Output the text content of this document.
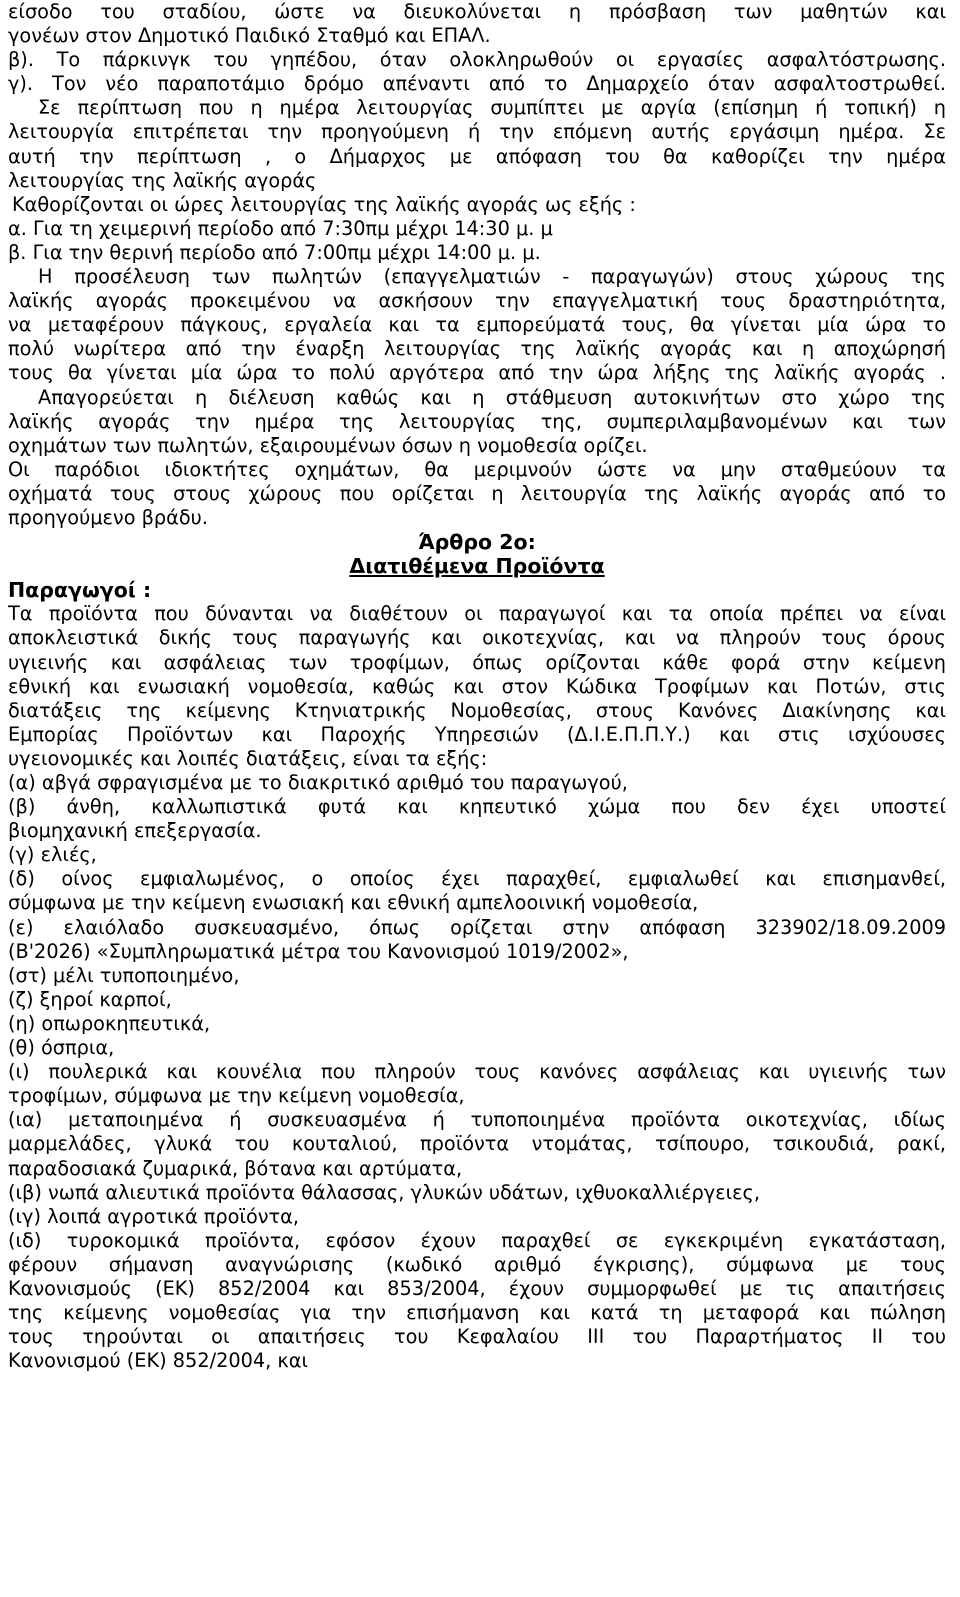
είσοδο του σταδίου, ώστε να διευκολύνεται η πρόσβαση των μαθητών και
γονέων στον Δημοτικό Παιδικό Σταθμό και ΕΠΑΛ.
β). Το πάρκινγκ του γηπέδου, όταν ολοκληρωθούν οι εργασίες ασφαλτόστρωσης.
γ). Τον νέο παραποτάμιο δρόμο απέναντι από το Δημαρχείο όταν ασφαλτοστρωθεί.
Σε περίπτωση που η ημέρα λειτουργίας συμπίπτει με αργία (επίσημη ή τοπική) η
λειτουργία επιτρέπεται την προηγούμενη ή την επόμενη αυτής εργάσιμη ημέρα. Σε
αυτή την περίπτωση , ο Δήμαρχος με απόφαση του θα καθορίζει την ημέρα
λειτουργίας της λαϊκής αγοράς
Καθορίζονται οι ώρες λειτουργίας της λαϊκής αγοράς ως εξής :
α. Για τη χειμερινή περίοδο από 7:30πμ μέχρι 14:30 μ. μ
β. Για την θερινή περίοδο από 7:00πμ μέχρι 14:00 μ. μ.
Η προσέλευση των πωλητών (επαγγελματιών - παραγωγών) στους χώρους της
λαϊκής αγοράς προκειμένου να ασκήσουν την επαγγελματική τους δραστηριότητα,
να μεταφέρουν πάγκους, εργαλεία και τα εμπορεύματά τους, θα γίνεται μία ώρα το
πολύ νωρίτερα από την έναρξη λειτουργίας της λαϊκής αγοράς και η αποχώρησή
τους θα γίνεται μία ώρα το πολύ αργότερα από την ώρα λήξης της λαϊκής αγοράς .
Απαγορεύεται η διέλευση καθώς και η στάθμευση αυτοκινήτων στο χώρο της
λαϊκής αγοράς την ημέρα της λειτουργίας της, συμπεριλαμβανομένων και των
οχημάτων των πωλητών, εξαιρουμένων όσων η νομοθεσία ορίζει.
Οι παρόδιοι ιδιοκτήτες οχημάτων, θα μεριμνούν ώστε να μην σταθμεύουν τα
οχήματά τους στους χώρους που ορίζεται η λειτουργία της λαϊκής αγοράς από το
προηγούμενο βράδυ.
Άρθρο 2ο:
Διατιθέμενα Προϊόντα
Παραγωγοί :
Τα προϊόντα που δύνανται να διαθέτουν οι παραγωγοί και τα οποία πρέπει να είναι
αποκλειστικά δικής τους παραγωγής και οικοτεχνίας, και να πληρούν τους όρους
υγιεινής και ασφάλειας των τροφίμων, όπως ορίζονται κάθε φορά στην κείμενη
εθνική και ενωσιακή νομοθεσία, καθώς και στον Κώδικα Τροφίμων και Ποτών, στις
διατάξεις της κείμενης Κτηνιατρικής Νομοθεσίας, στους Κανόνες Διακίνησης και
Εμπορίας Προϊόντων και Παροχής Υπηρεσιών (Δ.Ι.Ε.Π.Π.Υ.) και στις ισχύουσες
υγειονομικές και λοιπές διατάξεις, είναι τα εξής:
(α) αβγά σφραγισμένα με το διακριτικό αριθμό του παραγωγού,
(β) άνθη, καλλωπιστικά φυτά και κηπευτικό χώμα που δεν έχει υποστεί
βιομηχανική επεξεργασία.
(γ) ελιές,
(δ) οίνος εμφιαλωμένος, ο οποίος έχει παραχθεί, εμφιαλωθεί και επισημανθεί,
σύμφωνα με την κείμενη ενωσιακή και εθνική αμπελοοινική νομοθεσία,
(ε) ελαιόλαδο συσκευασμένο, όπως ορίζεται στην απόφαση 323902/18.09.2009
(Β'2026) «Συμπληρωματικά μέτρα του Κανονισμού 1019/2002»,
(στ) μέλι τυποποιημένο,
(ζ) ξηροί καρποί,
(η) οπωροκηπευτικά,
(θ) όσπρια,
(ι) πουλερικά και κουνέλια που πληρούν τους κανόνες ασφάλειας και υγιεινής των
τροφίμων, σύμφωνα με την κείμενη νομοθεσία,
(ια) μεταποιημένα ή συσκευασμένα ή τυποποιημένα προϊόντα οικοτεχνίας, ιδίως
μαρμελάδες, γλυκά του κουταλιού, προϊόντα ντομάτας, τσίπουρο, τσικουδιά, ρακί,
παραδοσιακά ζυμαρικά, βότανα και αρτύματα,
(ιβ) νωπά αλιευτικά προϊόντα θάλασσας, γλυκών υδάτων, ιχθυοκαλλιέργειες,
(ιγ) λοιπά αγροτικά προϊόντα,
(ιδ) τυροκομικά προϊόντα, εφόσον έχουν παραχθεί σε εγκεκριμένη εγκατάσταση,
φέρουν σήμανση αναγνώρισης (κωδικό αριθμό έγκρισης), σύμφωνα με τους
Κανονισμούς (ΕΚ) 852/2004 και 853/2004, έχουν συμμορφωθεί με τις απαιτήσεις
της κείμενης νομοθεσίας για την επισήμανση και κατά τη μεταφορά και πώληση
τους τηρούνται οι απαιτήσεις του Κεφαλαίου ΙΙΙ του Παραρτήματος ΙΙ του
Κανονισμού (ΕΚ) 852/2004, και
